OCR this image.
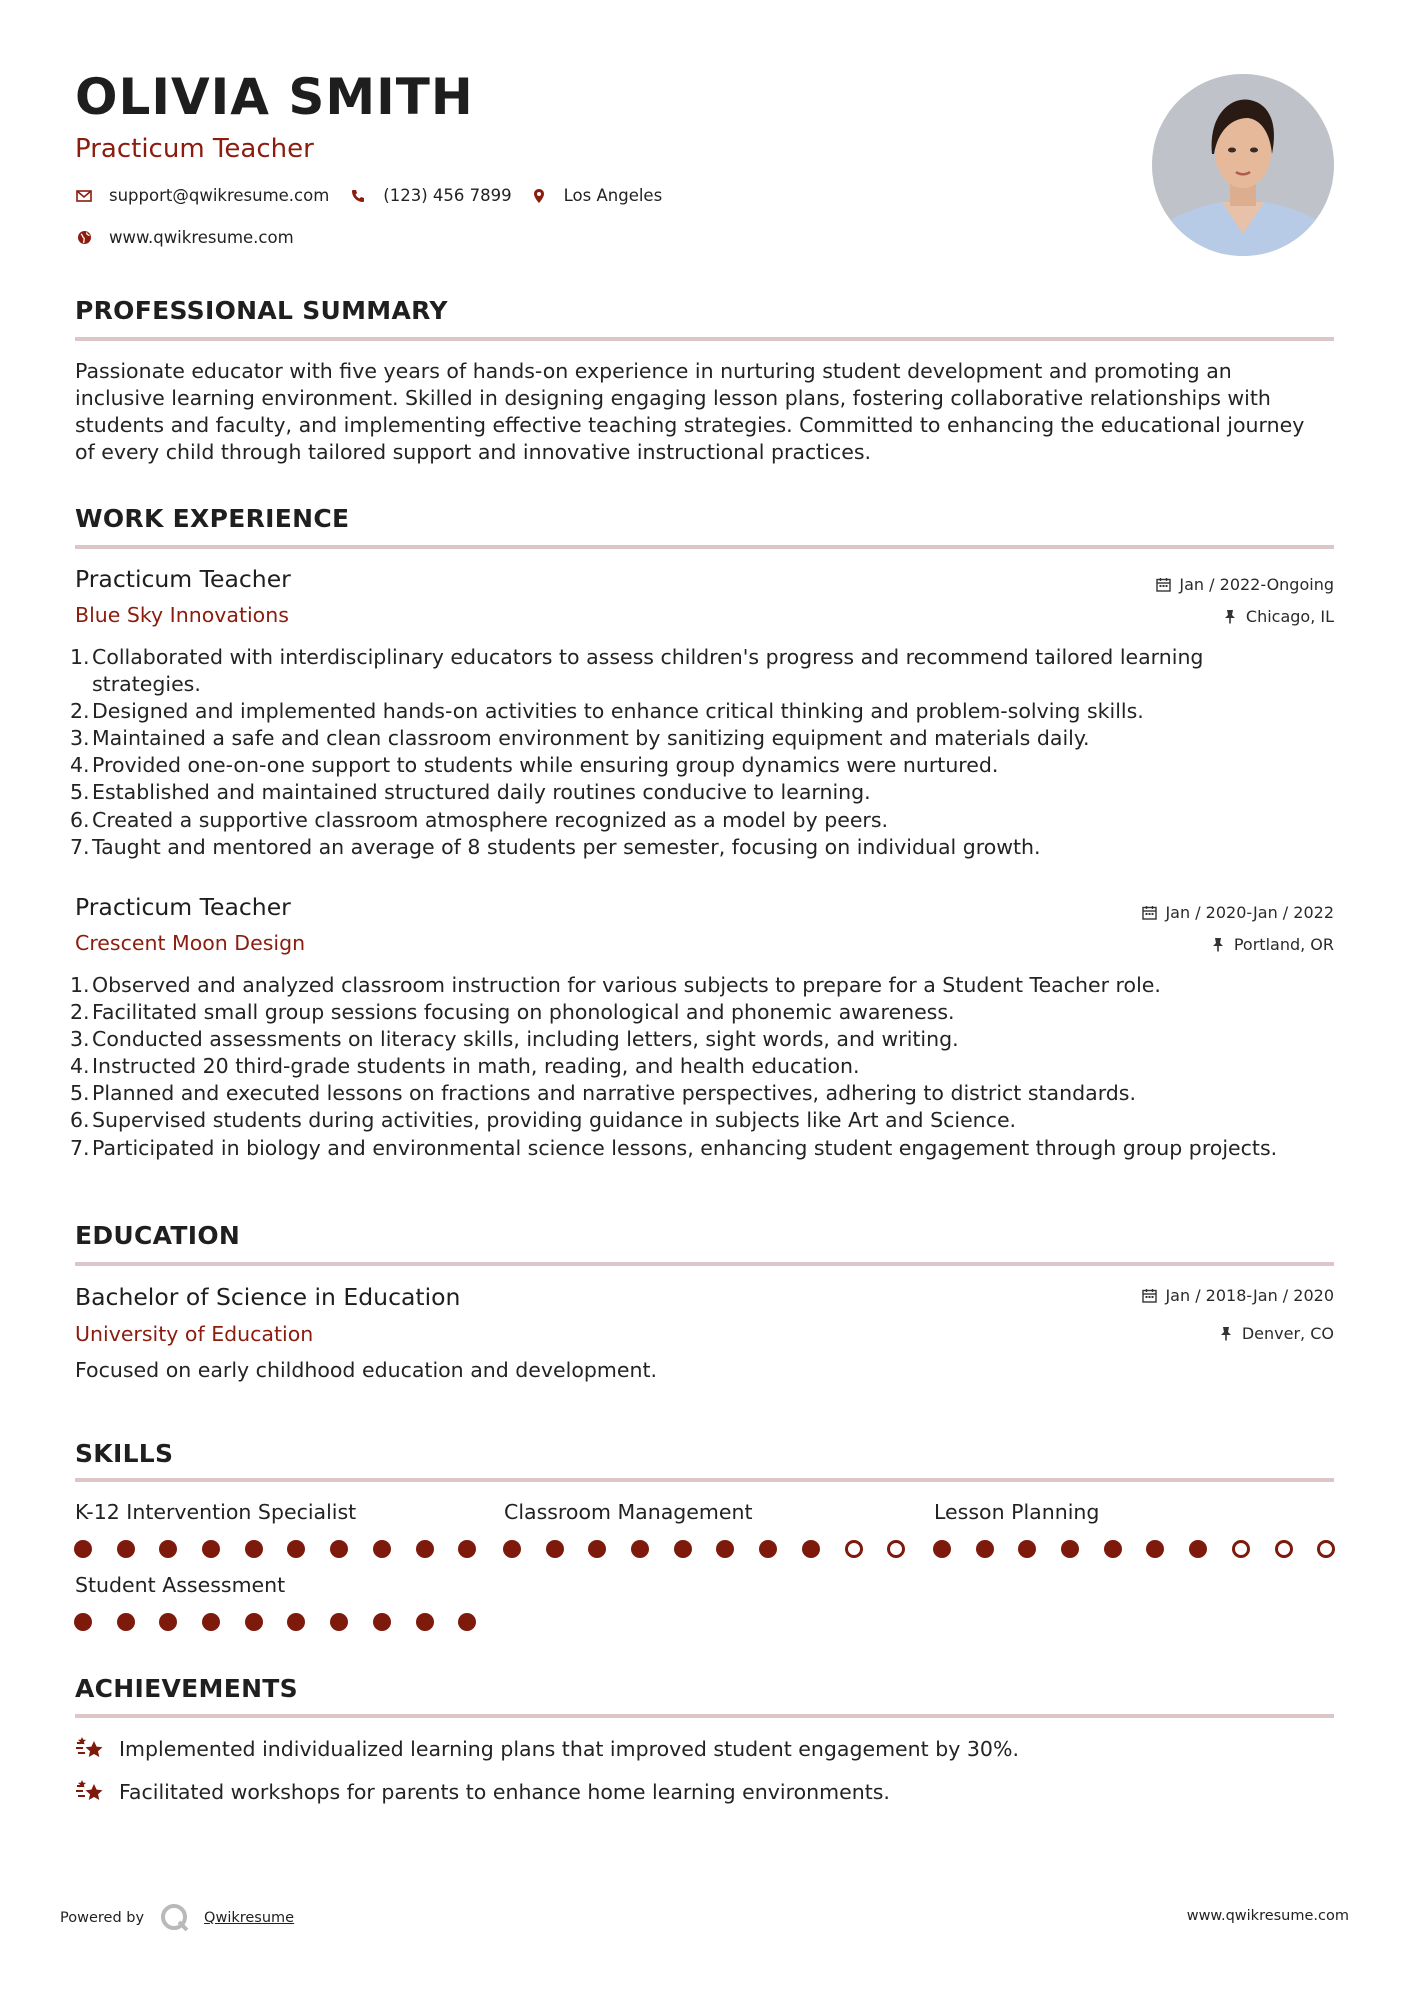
OLIVIA SMITH
Practicum Teacher
support@qwikresume.com	(123) 456 7899	Los Angeles
www.qwikresume.com
PROFESSIONAL SUMMARY
Passionate educator with five years of hands-on experience in nurturing student development and promoting an
inclusive learning environment. Skilled in designing engaging lesson plans, fostering collaborative relationships with
students and faculty, and implementing effective teaching strategies. Committed to enhancing the educational journey
of every child through tailored support and innovative instructional practices.
WORK EXPERIENCE
Practicum Teacher
Blue Sky Innovations
Jan / 2022-Ongoing
Chicago, IL
1. Collaborated with interdisciplinary educators to assess children's progress and recommend tailored learning
strategies.
2. Designed and implemented hands-on activities to enhance critical thinking and problem-solving skills.
3. Maintained a safe and clean classroom environment by sanitizing equipment and materials daily.
4. Provided one-on-one support to students while ensuring group dynamics were nurtured.
5. Established and maintained structured daily routines conducive to learning.
6. Created a supportive classroom atmosphere recognized as a model by peers.
7. Taught and mentored an average of 8 students per semester, focusing on individual growth.
Practicum Teacher
Crescent Moon Design
Jan / 2020-Jan / 2022
Portland, OR
1. Observed and analyzed classroom instruction for various subjects to prepare for a Student Teacher role.
2. Facilitated small group sessions focusing on phonological and phonemic awareness.
3. Conducted assessments on literacy skills, including letters, sight words, and writing.
4. Instructed 20 third-grade students in math, reading, and health education.
5. Planned and executed lessons on fractions and narrative perspectives, adhering to district standards.
6. Supervised students during activities, providing guidance in subjects like Art and Science.
7. Participated in biology and environmental science lessons, enhancing student engagement through group projects.
EDUCATION
Bachelor of Science in Education
University of Education
Jan / 2018-Jan / 2020
Denver, CO
Focused on early childhood education and development.
SKILLS
K-12 Intervention Specialist	Classroom Management	Lesson Planning
Student Assessment
ACHIEVEMENTS
Implemented individualized learning plans that improved student engagement by 30%.
Facilitated workshops for parents to enhance home learning environments.
Powered by	Qwikresume	www.qwikresume.com
